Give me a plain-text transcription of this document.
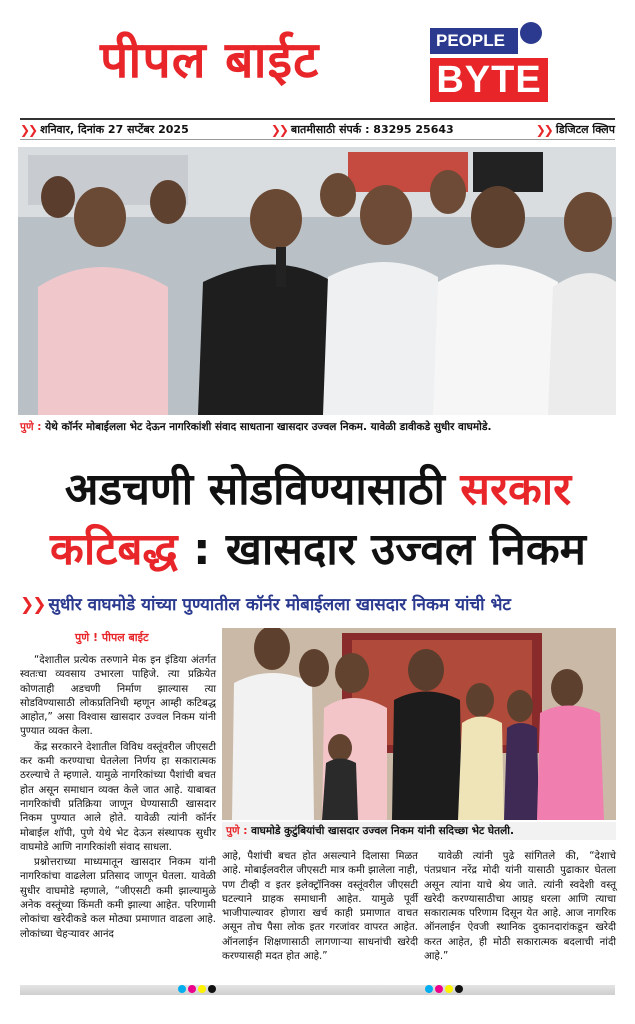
पीपल बाईट	PEOPLE
BYTE
❯❯ शनिवार, दिनांक 27 सप्टेंबर 2025	❯❯ बातमीसाठी संपर्क : 83295 25643	❯❯ डिजिटल क्लिप
पुणे : येथे कॉर्नर मोबाईलला भेट देऊन नागरिकांशी संवाद साधताना खासदार उज्वल निकम. यावेळी डावीकडे सुधीर वाघमोडे.
अडचणी सोडविण्यासाठी सरकार
कटिबद्ध : खासदार उज्वल निकम
❯❯ सुधीर वाघमोडे यांच्या पुण्यातील कॉर्नर मोबाईलला खासदार निकम यांची भेट
पुणे ! पीपल बाईट

“देशातील प्रत्येक तरुणाने मेक इन इंडिया अंतर्गत स्वतःचा व्यवसाय उभारला पाहिजे. त्या प्रक्रियेत कोणताही अडचणी निर्माण झाल्यास त्या सोडविण्यासाठी लोकप्रतिनिधी म्हणून आम्ही कटिबद्ध आहोत,” असा विश्वास खासदार उज्वल निकम यांनी पुण्यात व्यक्त केला.

केंद्र सरकारने देशातील विविध वस्तूंवरील जीएसटी कर कमी करण्याचा घेतलेला निर्णय हा सकारात्मक ठरल्याचे ते म्हणाले. यामुळे नागरिकांच्या पैशांची बचत होत असून समाधान व्यक्त केले जात आहे. याबाबत नागरिकांची प्रतिक्रिया जाणून घेण्यासाठी खासदार निकम पुण्यात आले होते. यावेळी त्यांनी कॉर्नर मोबाईल शॉपी, पुणे येथे भेट देऊन संस्थापक सुधीर वाघमोडे आणि नागरिकांशी संवाद साधला.

प्रश्नोत्तराच्या माध्यमातून खासदार निकम यांनी नागरिकांचा वाढलेला प्रतिसाद जाणून घेतला. यावेळी सुधीर वाघमोडे म्हणाले, “जीएसटी कमी झाल्यामुळे अनेक वस्तूंच्या किंमती कमी झाल्या आहेत. परिणामी लोकांचा खरेदीकडे कल मोठ्या प्रमाणात वाढला आहे. लोकांच्या चेहऱ्यावर आनंद

पुणे : वाघमोडे कुटुंबियांची खासदार उज्वल निकम यांनी सदिच्छा भेट घेतली.

आहे, पैशांची बचत होत असल्याने दिलासा मिळत आहे. मोबाईलवरील जीएसटी मात्र कमी झालेला नाही, पण टीव्ही व इतर इलेक्ट्रॉनिक्स वस्तूंवरील जीएसटी घटल्याने ग्राहक समाधानी आहेत. यामुळे पूर्वी भाजीपाल्यावर होणारा खर्च काही प्रमाणात वाचत असून तोच पैसा लोक इतर गरजांवर वापरत आहेत. ऑनलाईन शिक्षणासाठी लागणाऱ्या साधनांची खरेदी करण्यासही मदत होत आहे.”

यावेळी त्यांनी पुढे सांगितले की, “देशाचे पंतप्रधान नरेंद्र मोदी यांनी यासाठी पुढाकार घेतला असून त्यांना याचे श्रेय जाते. त्यांनी स्वदेशी वस्तू खरेदी करण्यासाठीचा आग्रह धरला आणि त्याचा सकारात्मक परिणाम दिसून येत आहे. आज नागरिक ऑनलाईन ऐवजी स्थानिक दुकानदारांकडून खरेदी करत आहेत, ही मोठी सकारात्मक बदलाची नांदी आहे.”
